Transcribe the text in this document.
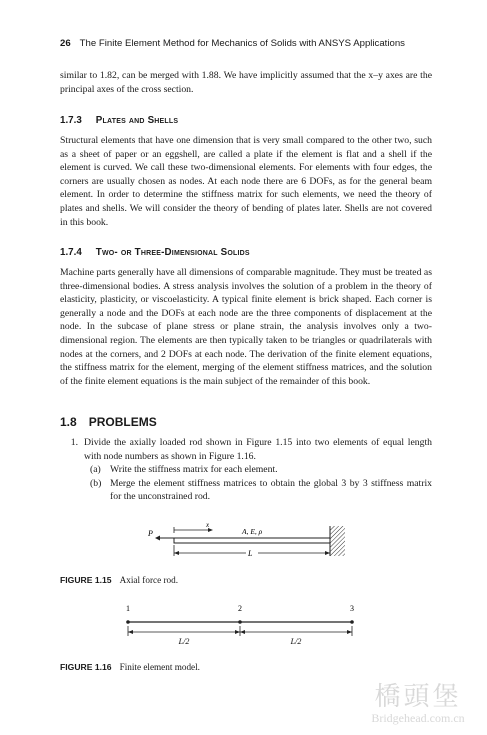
26 The Finite Element Method for Mechanics of Solids with ANSYS Applications
similar to 1.82, can be merged with 1.88. We have implicitly assumed that the x–y axes are the principal axes of the cross section.
1.7.3 Plates and Shells
Structural elements that have one dimension that is very small compared to the other two, such as a sheet of paper or an eggshell, are called a plate if the element is flat and a shell if the element is curved. We call these two-dimensional elements. For elements with four edges, the corners are usually chosen as nodes. At each node there are 6 DOFs, as for the general beam element. In order to determine the stiffness matrix for such elements, we need the theory of plates and shells. We will consider the theory of bending of plates later. Shells are not covered in this book.
1.7.4 Two- or Three-Dimensional Solids
Machine parts generally have all dimensions of comparable magnitude. They must be treated as three-dimensional bodies. A stress analysis involves the solution of a problem in the theory of elasticity, plasticity, or viscoelasticity. A typical finite element is brick shaped. Each corner is generally a node and the DOFs at each node are the three components of displacement at the node. In the subcase of plane stress or plane strain, the analysis involves only a two-dimensional region. The elements are then typically taken to be triangles or quadrilaterals with nodes at the corners, and 2 DOFs at each node. The derivation of the finite element equations, the stiffness matrix for the element, merging of the element stiffness matrices, and the solution of the finite element equations is the main subject of the remainder of this book.
1.8 PROBLEMS
1. Divide the axially loaded rod shown in Figure 1.15 into two elements of equal length with node numbers as shown in Figure 1.16.
(a) Write the stiffness matrix for each element.
(b) Merge the element stiffness matrices to obtain the global 3 by 3 stiffness matrix for the unconstrained rod.
P
x
A, E, ρ
L
FIGURE 1.15 Axial force rod.
1	2	3
L/2	L/2
FIGURE 1.16 Finite element model.
橋頭堡
Bridgehead.com.cn
